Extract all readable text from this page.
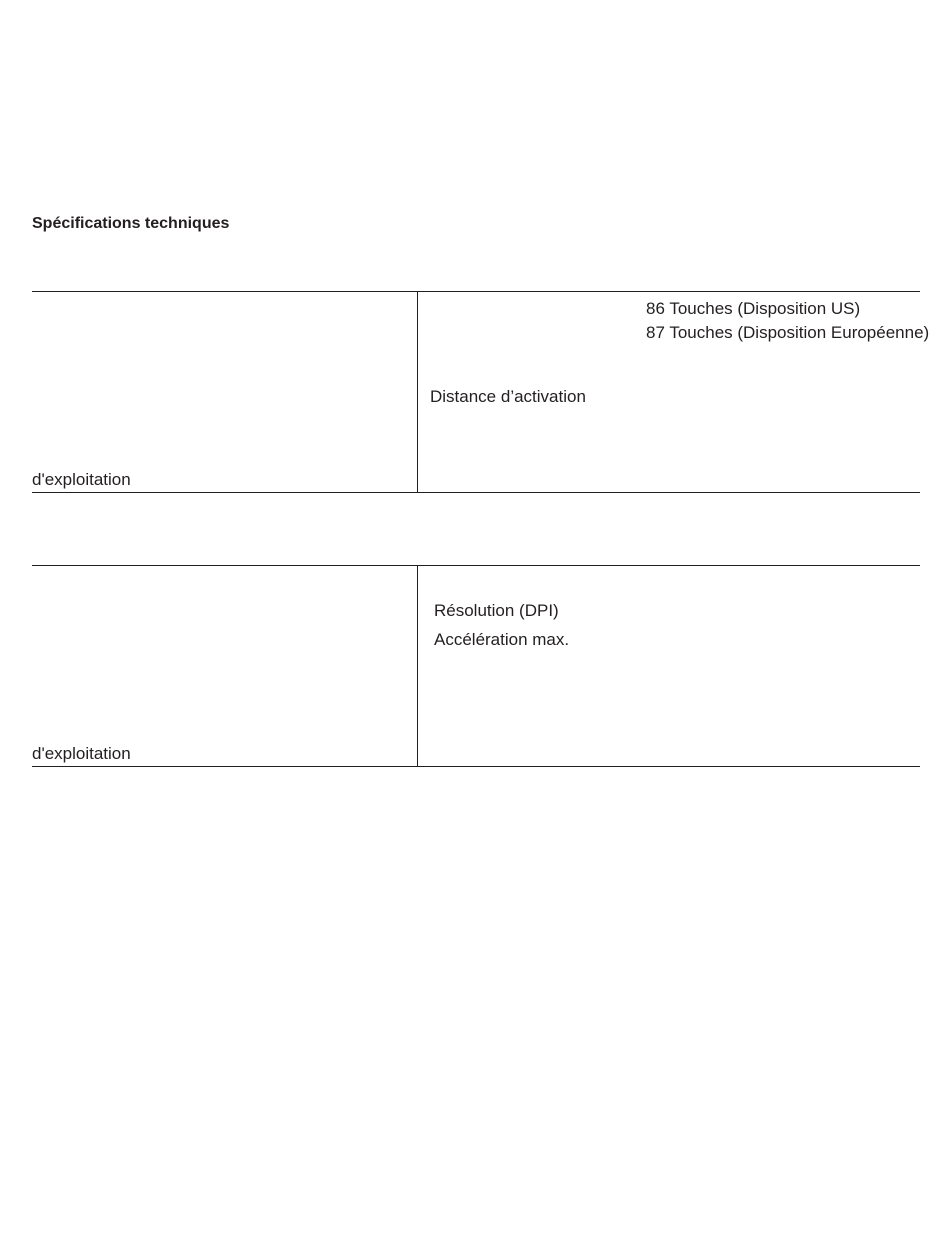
Spécifications techniques
d'exploitation
86 Touches (Disposition US)
87 Touches (Disposition Européenne)
Distance d’activation
d'exploitation
Résolution (DPI)
Accélération max.
